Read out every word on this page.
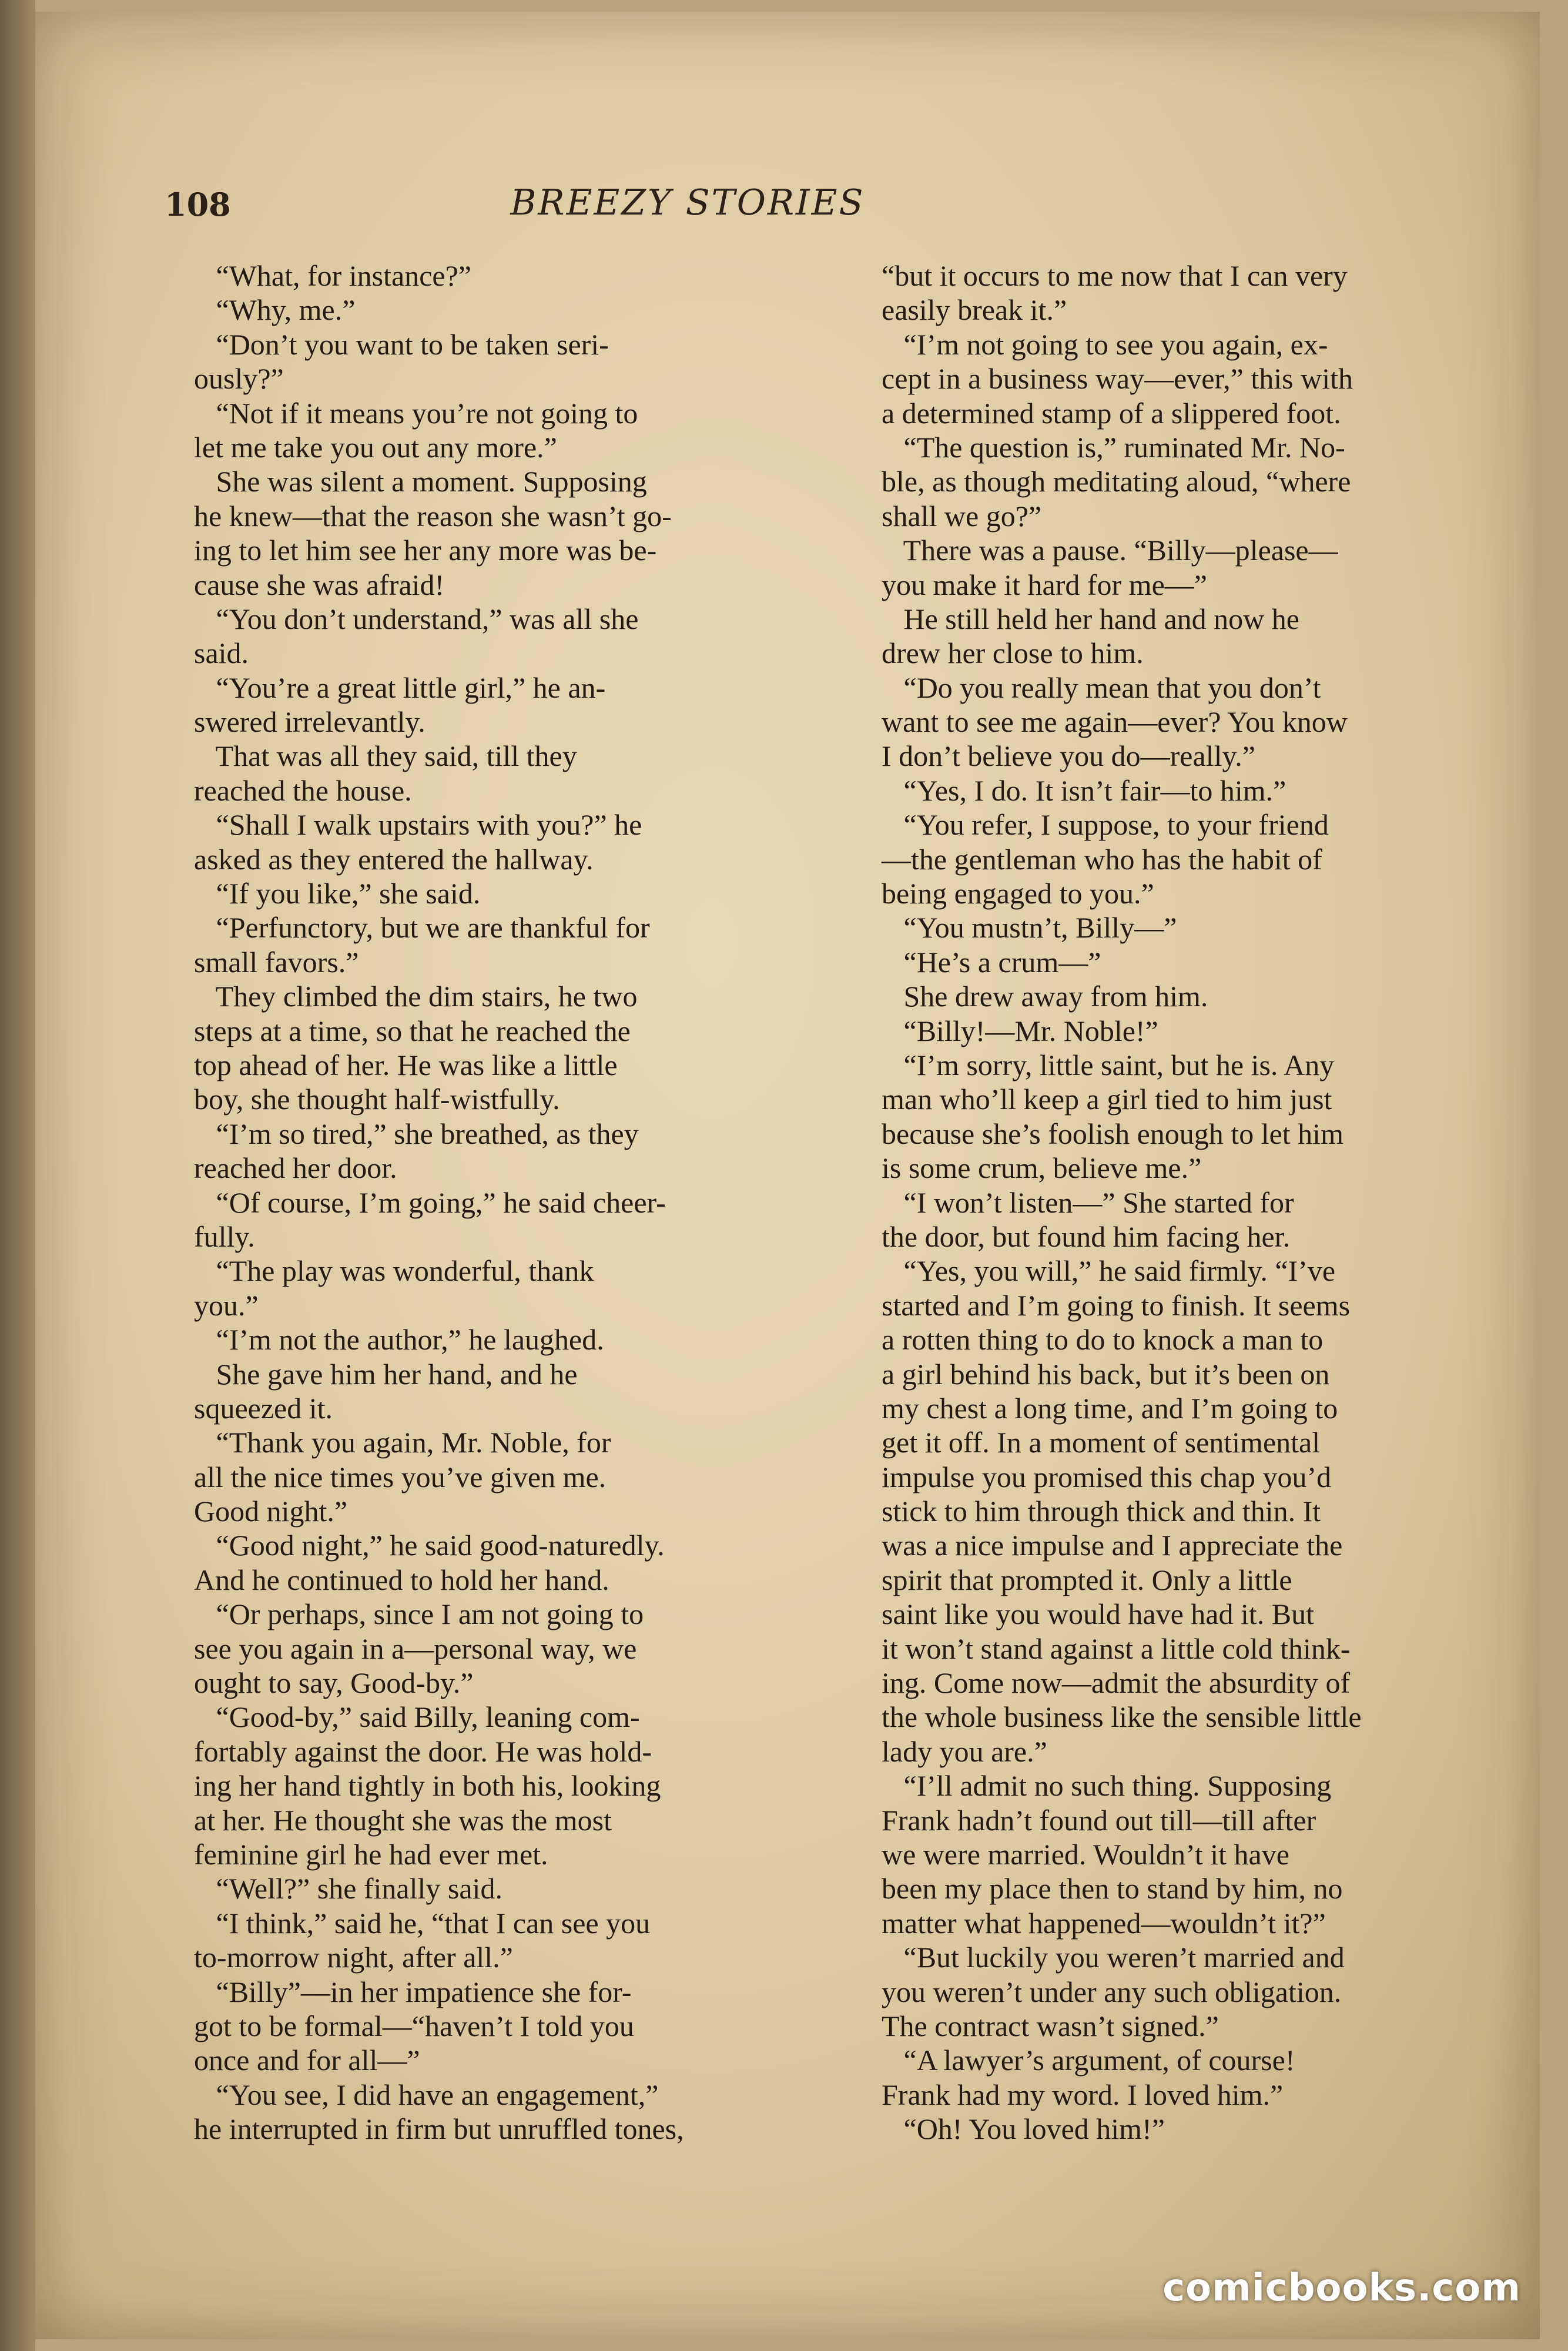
108	BREEZY STORIES
“What, for instance?”
“Why, me.”
“Don’t you want to be taken seri-
ously?”
“Not if it means you’re not going to
let me take you out any more.”
She was silent a moment. Supposing
he knew—that the reason she wasn’t go-
ing to let him see her any more was be-
cause she was afraid!
“You don’t understand,” was all she
said.
“You’re a great little girl,” he an-
swered irrelevantly.
That was all they said, till they
reached the house.
“Shall I walk upstairs with you?” he
asked as they entered the hallway.
“If you like,” she said.
“Perfunctory, but we are thankful for
small favors.”
They climbed the dim stairs, he two
steps at a time, so that he reached the
top ahead of her. He was like a little
boy, she thought half-wistfully.
“I’m so tired,” she breathed, as they
reached her door.
“Of course, I’m going,” he said cheer-
fully.
“The play was wonderful, thank
you.”
“I’m not the author,” he laughed.
She gave him her hand, and he
squeezed it.
“Thank you again, Mr. Noble, for
all the nice times you’ve given me.
Good night.”
“Good night,” he said good-naturedly.
And he continued to hold her hand.
“Or perhaps, since I am not going to
see you again in a—personal way, we
ought to say, Good-by.”
“Good-by,” said Billy, leaning com-
fortably against the door. He was hold-
ing her hand tightly in both his, looking
at her. He thought she was the most
feminine girl he had ever met.
“Well?” she finally said.
“I think,” said he, “that I can see you
to-morrow night, after all.”
“Billy”—in her impatience she for-
got to be formal—“haven’t I told you
once and for all—”
“You see, I did have an engagement,”
he interrupted in firm but unruffled tones,
“but it occurs to me now that I can very
easily break it.”
“I’m not going to see you again, ex-
cept in a business way—ever,” this with
a determined stamp of a slippered foot.
“The question is,” ruminated Mr. No-
ble, as though meditating aloud, “where
shall we go?”
There was a pause. “Billy—please—
you make it hard for me—”
He still held her hand and now he
drew her close to him.
“Do you really mean that you don’t
want to see me again—ever? You know
I don’t believe you do—really.”
“Yes, I do. It isn’t fair—to him.”
“You refer, I suppose, to your friend
—the gentleman who has the habit of
being engaged to you.”
“You mustn’t, Billy—”
“He’s a crum—”
She drew away from him.
“Billy!—Mr. Noble!”
“I’m sorry, little saint, but he is. Any
man who’ll keep a girl tied to him just
because she’s foolish enough to let him
is some crum, believe me.”
“I won’t listen—” She started for
the door, but found him facing her.
“Yes, you will,” he said firmly. “I’ve
started and I’m going to finish. It seems
a rotten thing to do to knock a man to
a girl behind his back, but it’s been on
my chest a long time, and I’m going to
get it off. In a moment of sentimental
impulse you promised this chap you’d
stick to him through thick and thin. It
was a nice impulse and I appreciate the
spirit that prompted it. Only a little
saint like you would have had it. But
it won’t stand against a little cold think-
ing. Come now—admit the absurdity of
the whole business like the sensible little
lady you are.”
“I’ll admit no such thing. Supposing
Frank hadn’t found out till—till after
we were married. Wouldn’t it have
been my place then to stand by him, no
matter what happened—wouldn’t it?”
“But luckily you weren’t married and
you weren’t under any such obligation.
The contract wasn’t signed.”
“A lawyer’s argument, of course!
Frank had my word. I loved him.”
“Oh! You loved him!”
comicbooks.com
